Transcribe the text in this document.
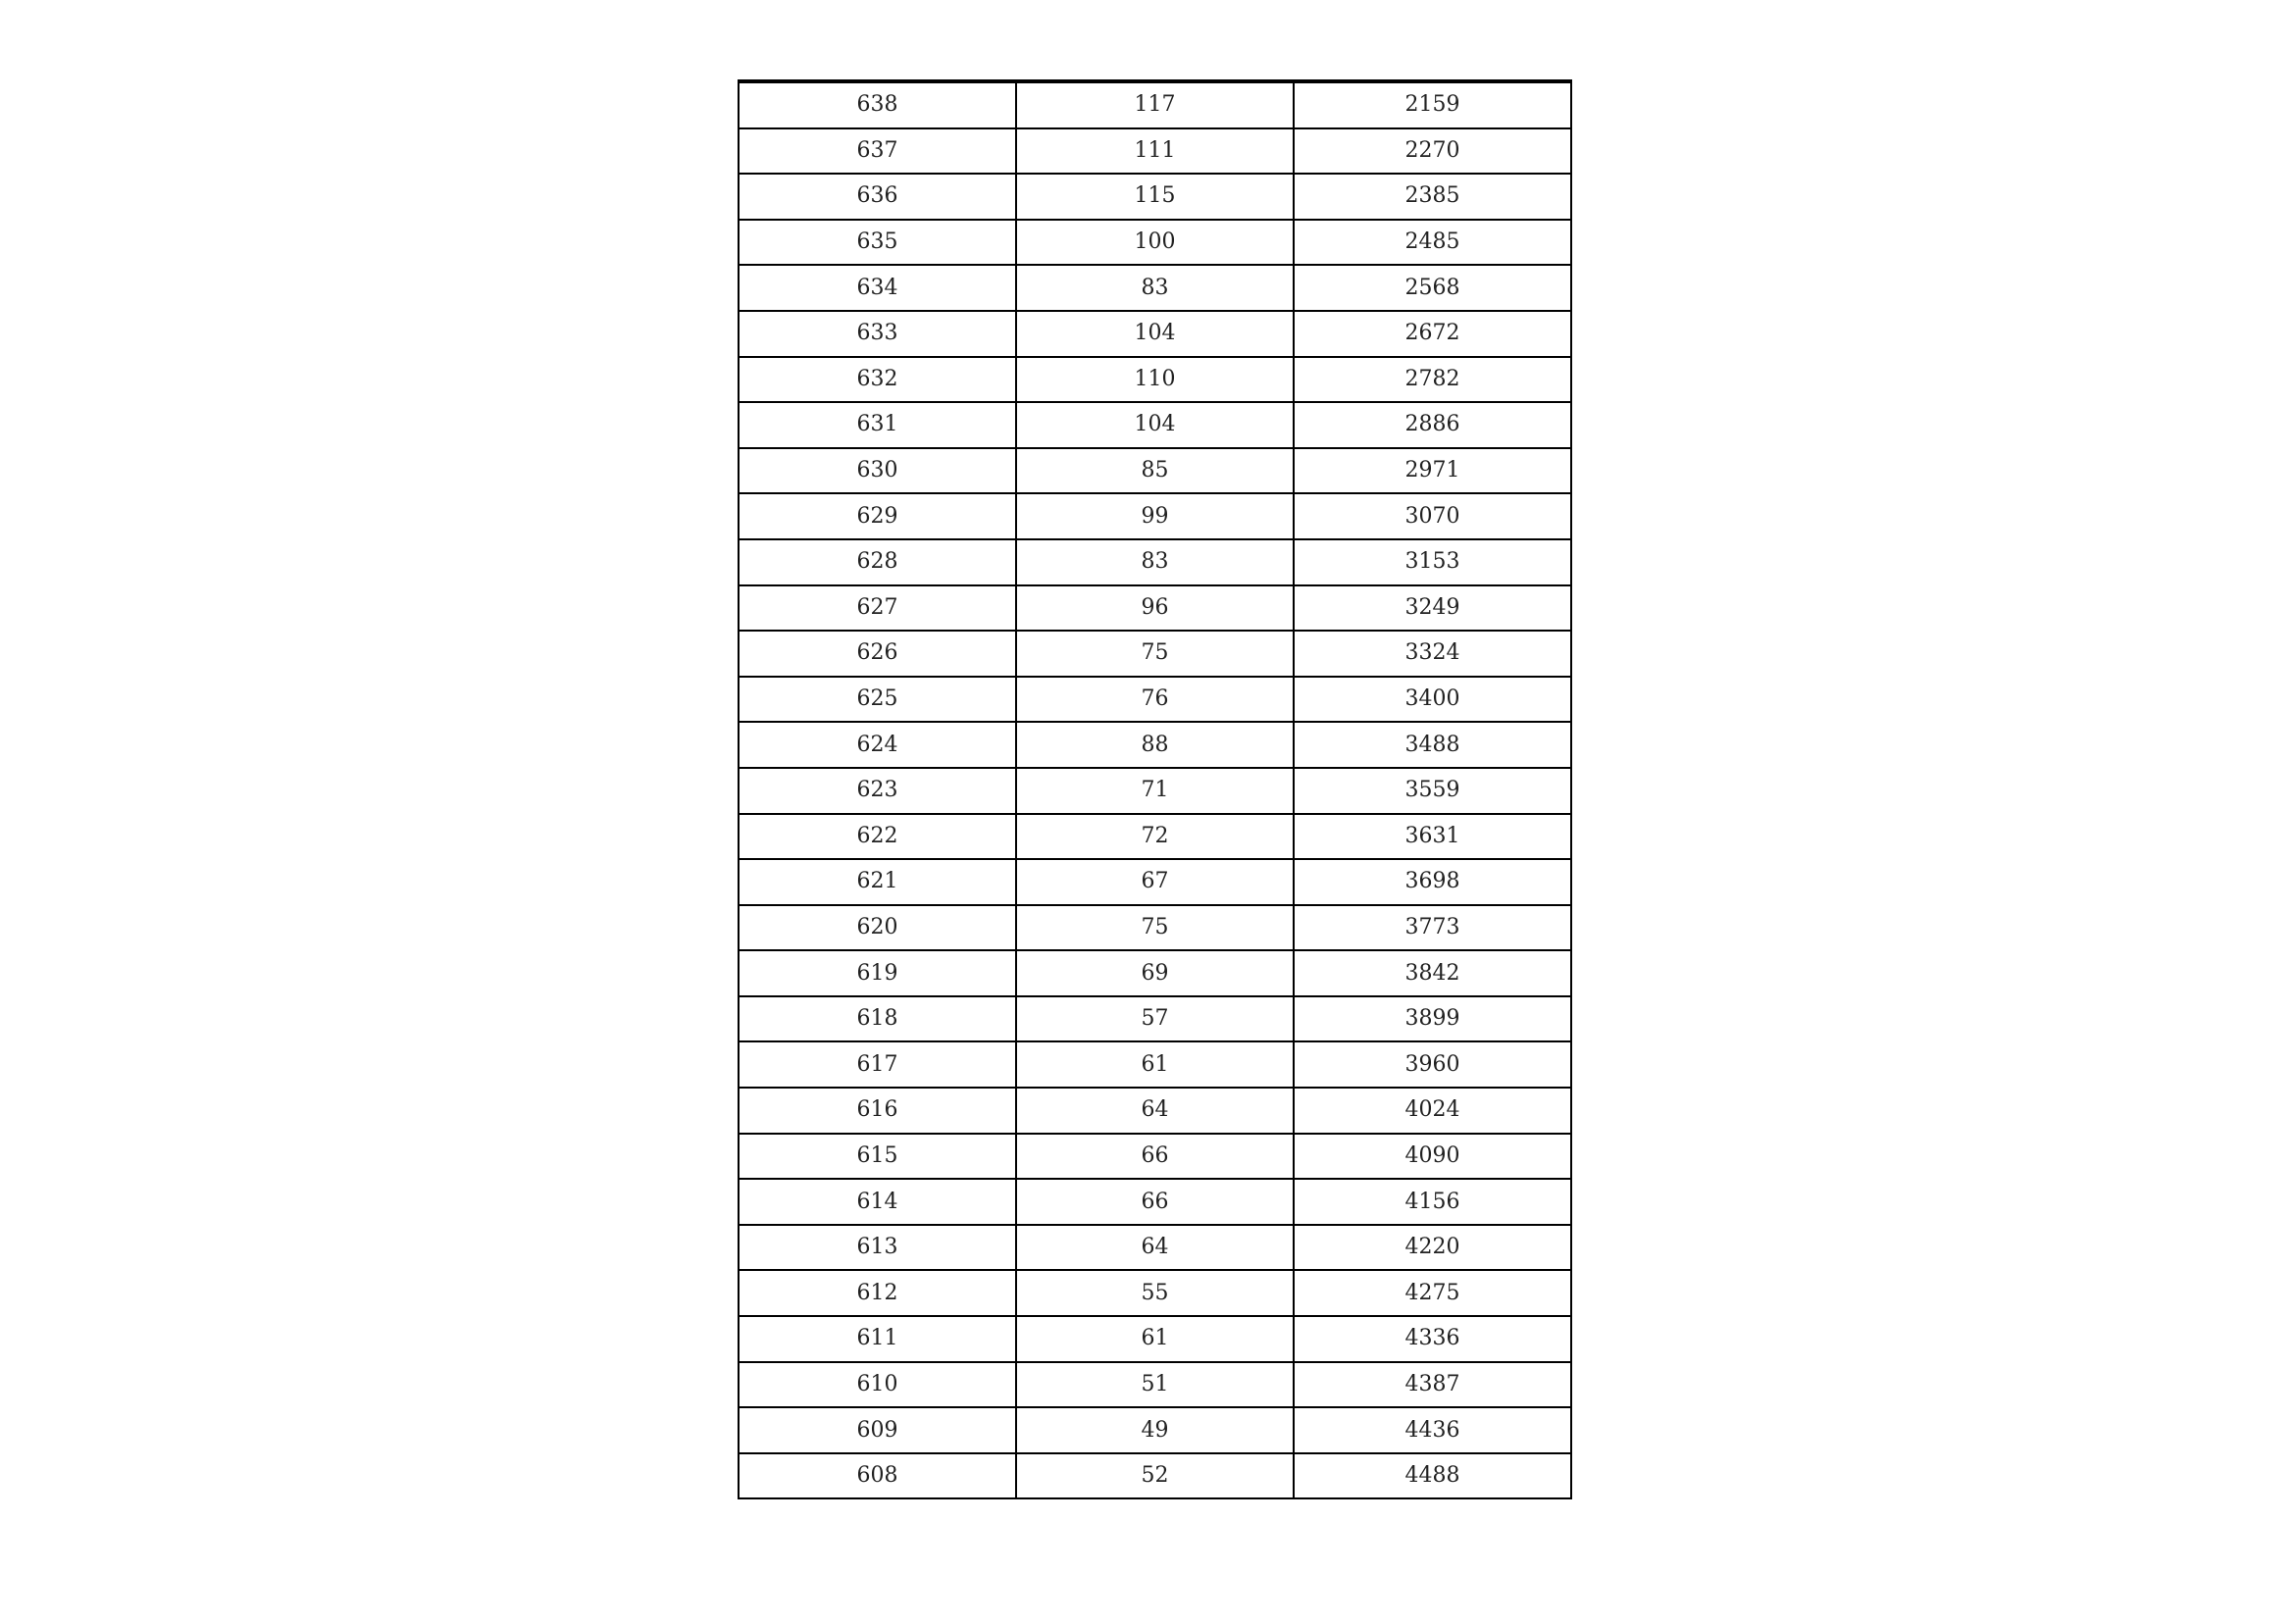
638	117	2159
637	111	2270
636	115	2385
635	100	2485
634	83	2568
633	104	2672
632	110	2782
631	104	2886
630	85	2971
629	99	3070
628	83	3153
627	96	3249
626	75	3324
625	76	3400
624	88	3488
623	71	3559
622	72	3631
621	67	3698
620	75	3773
619	69	3842
618	57	3899
617	61	3960
616	64	4024
615	66	4090
614	66	4156
613	64	4220
612	55	4275
611	61	4336
610	51	4387
609	49	4436
608	52	4488
